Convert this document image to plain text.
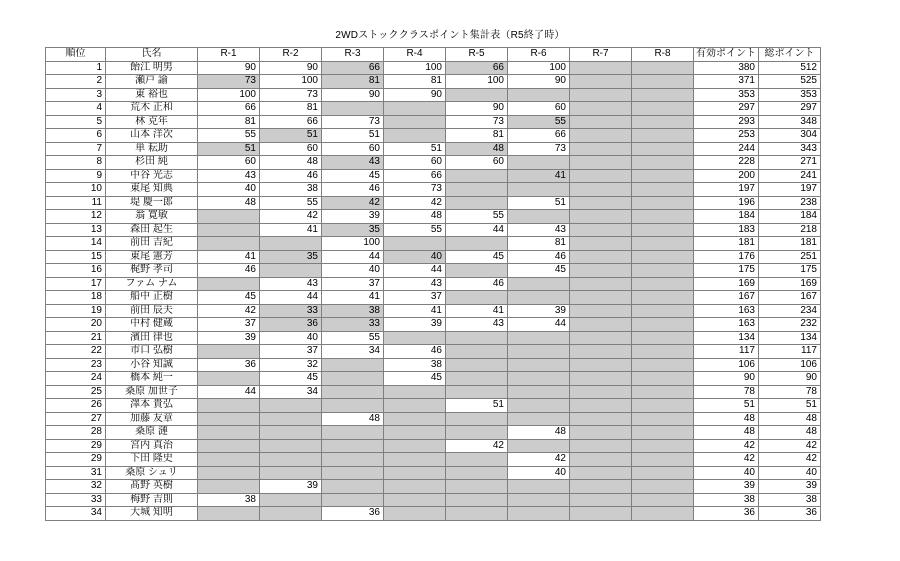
2WDストッククラスポイント集計表（R5終了時）
順位	氏名	R-1	R-2	R-3	R-4	R-5	R-6	R-7	R-8	有効ポイント	総ポイント
1	飴江 明男	90	90	66	100	66	100			380	512
2	瀬戸 諭	73	100	81	81	100	90			371	525
3	東 裕也	100	73	90	90					353	353
4	荒木 正和	66	81			90	60			297	297
5	林 克年	81	66	73		73	55			293	348
6	山本 洋次	55	51	51		81	66			253	304
7	単 耘助	51	60	60	51	48	73			244	343
8	杉田 純	60	48	43	60	60				228	271
9	中谷 光志	43	46	45	66		41			200	241
10	東尾 知典	40	38	46	73					197	197
11	堤 慶一郎	48	55	42	42		51			196	238
12	翁 寛敏		42	39	48	55				184	184
13	森田 起生		41	35	55	44	43			183	218
14	前田 吉紀			100			81			181	181
15	東尾 憲芳	41	35	44	40	45	46			176	251
16	梶野 孝司	46		40	44		45			175	175
17	ファム ナム		43	37	43	46				169	169
18	船中 正樹	45	44	41	37					167	167
19	前田 辰夫	42	33	38	41	41	39			163	234
20	中村 健蔵	37	36	33	39	43	44			163	232
21	濱田 律也	39	40	55						134	134
22	市口 弘樹		37	34	46					117	117
23	小谷 知誠	36	32		38					106	106
24	橋本 純一		45		45					90	90
25	桑原 加世子	44	34							78	78
26	澤本 貴弘					51				51	51
27	加藤 友章			48						48	48
28	桑原 漣						48			48	48
29	宮内 真治					42				42	42
29	下田 隆史						42			42	42
31	桑原 シュリ						40			40	40
32	髙野 英樹		39							39	39
33	梅野 吉則	38								38	38
34	大城 知明			36						36	36
